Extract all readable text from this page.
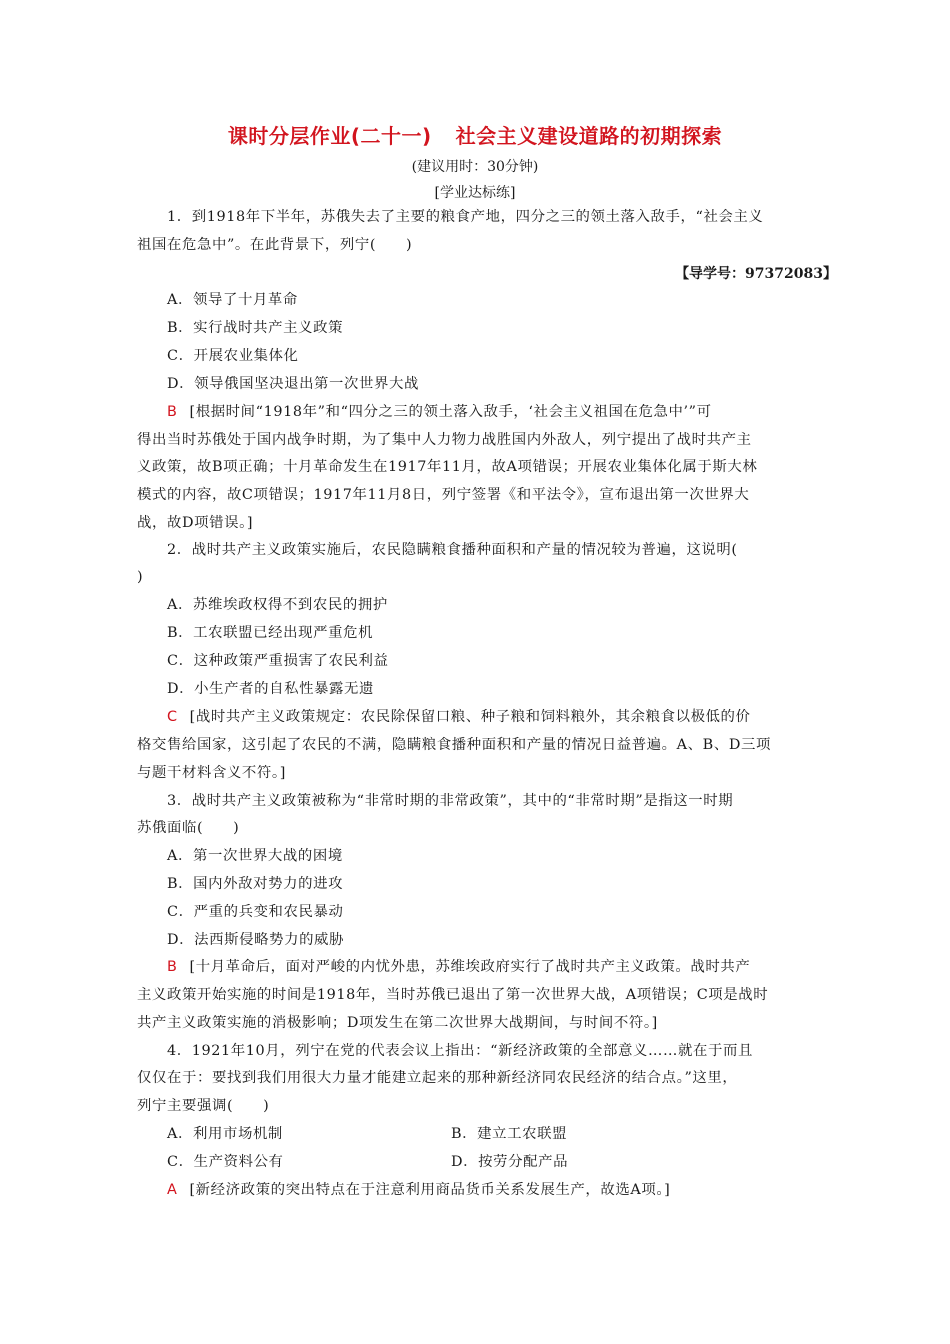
课时分层作业(二十一) 社会主义建设道路的初期探索
(建议用时：30分钟)
[学业达标练]
1．到1918年下半年，苏俄失去了主要的粮食产地，四分之三的领土落入敌手，“社会主义
祖国在危急中”。在此背景下，列宁(　　)
【导学号：97372083】
A．领导了十月革命
B．实行战时共产主义政策
C．开展农业集体化
D．领导俄国坚决退出第一次世界大战
B [根据时间“1918年”和“四分之三的领土落入敌手，‘社会主义祖国在危急中’”可
得出当时苏俄处于国内战争时期，为了集中人力物力战胜国内外敌人，列宁提出了战时共产主
义政策，故B项正确；十月革命发生在1917年11月，故A项错误；开展农业集体化属于斯大林
模式的内容，故C项错误；1917年11月8日，列宁签署《和平法令》，宣布退出第一次世界大
战，故D项错误。]
2．战时共产主义政策实施后，农民隐瞒粮食播种面积和产量的情况较为普遍，这说明(
)
A．苏维埃政权得不到农民的拥护
B．工农联盟已经出现严重危机
C．这种政策严重损害了农民利益
D．小生产者的自私性暴露无遗
C [战时共产主义政策规定：农民除保留口粮、种子粮和饲料粮外，其余粮食以极低的价
格交售给国家，这引起了农民的不满，隐瞒粮食播种面积和产量的情况日益普遍。A、B、D三项
与题干材料含义不符。]
3．战时共产主义政策被称为“非常时期的非常政策”，其中的“非常时期”是指这一时期
苏俄面临(　　)
A．第一次世界大战的困境
B．国内外敌对势力的进攻
C．严重的兵变和农民暴动
D．法西斯侵略势力的威胁
B [十月革命后，面对严峻的内忧外患，苏维埃政府实行了战时共产主义政策。战时共产
主义政策开始实施的时间是1918年，当时苏俄已退出了第一次世界大战，A项错误；C项是战时
共产主义政策实施的消极影响；D项发生在第二次世界大战期间，与时间不符。]
4．1921年10月，列宁在党的代表会议上指出：“新经济政策的全部意义……就在于而且
仅仅在于：要找到我们用很大力量才能建立起来的那种新经济同农民经济的结合点。”这里，
列宁主要强调(　　)
A．利用市场机制	B．建立工农联盟
C．生产资料公有	D．按劳分配产品
A [新经济政策的突出特点在于注意利用商品货币关系发展生产，故选A项。]
